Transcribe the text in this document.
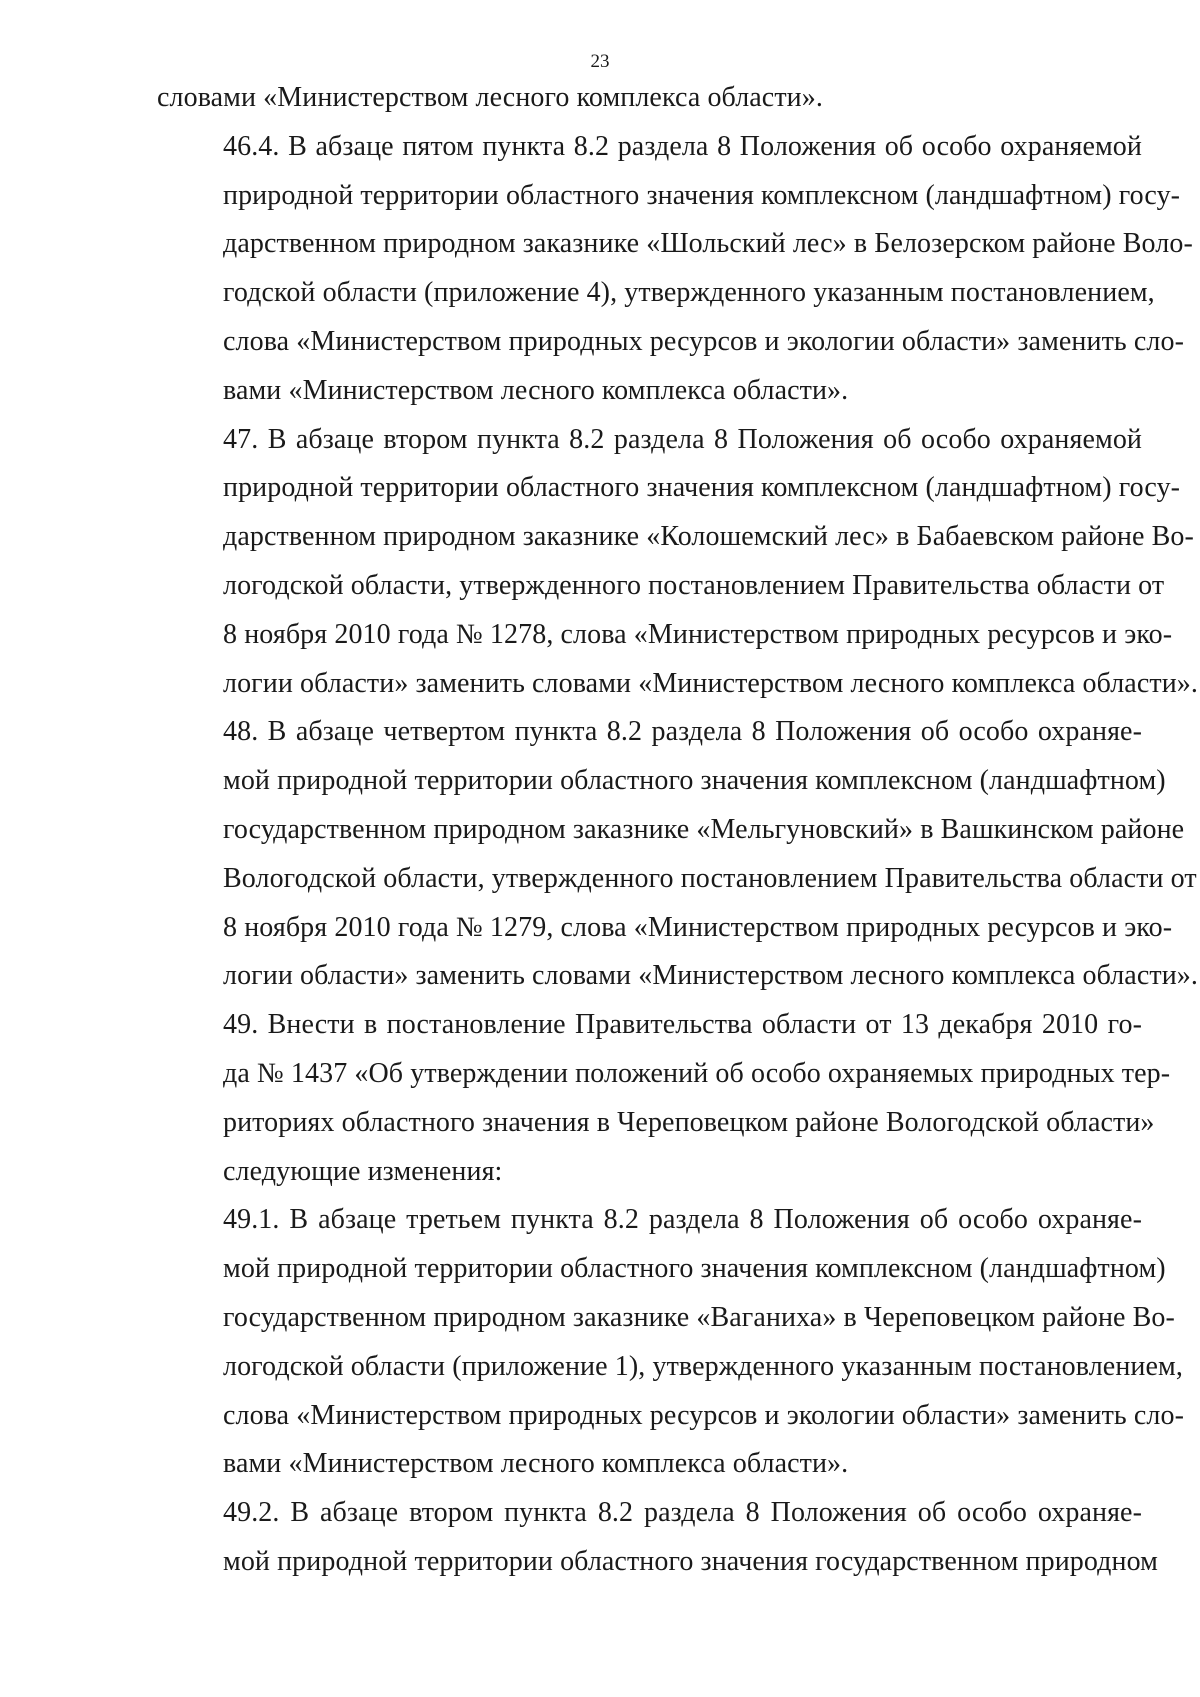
23
словами «Министерством лесного комплекса области».
46.4. В абзаце пятом пункта 8.2 раздела 8 Положения об особо охраняемой
природной территории областного значения комплексном (ландшафтном) госу-
дарственном природном заказнике «Шольский лес» в Белозерском районе Воло-
годской области (приложение 4), утвержденного указанным постановлением,
слова «Министерством природных ресурсов и экологии области» заменить сло-
вами «Министерством лесного комплекса области».
47. В абзаце втором пункта 8.2 раздела 8 Положения об особо охраняемой
природной территории областного значения комплексном (ландшафтном) госу-
дарственном природном заказнике «Колошемский лес» в Бабаевском районе Во-
логодской области, утвержденного постановлением Правительства области от
8 ноября 2010 года № 1278, слова «Министерством природных ресурсов и эко-
логии области» заменить словами «Министерством лесного комплекса области».
48. В абзаце четвертом пункта 8.2 раздела 8 Положения об особо охраняе-
мой природной территории областного значения комплексном (ландшафтном)
государственном природном заказнике «Мельгуновский» в Вашкинском районе
Вологодской области, утвержденного постановлением Правительства области от
8 ноября 2010 года № 1279, слова «Министерством природных ресурсов и эко-
логии области» заменить словами «Министерством лесного комплекса области».
49. Внести в постановление Правительства области от 13 декабря 2010 го-
да № 1437 «Об утверждении положений об особо охраняемых природных тер-
риториях областного значения в Череповецком районе Вологодской области»
следующие изменения:
49.1. В абзаце третьем пункта 8.2 раздела 8 Положения об особо охраняе-
мой природной территории областного значения комплексном (ландшафтном)
государственном природном заказнике «Ваганиха» в Череповецком районе Во-
логодской области (приложение 1), утвержденного указанным постановлением,
слова «Министерством природных ресурсов и экологии области» заменить сло-
вами «Министерством лесного комплекса области».
49.2. В абзаце втором пункта 8.2 раздела 8 Положения об особо охраняе-
мой природной территории областного значения государственном природном
